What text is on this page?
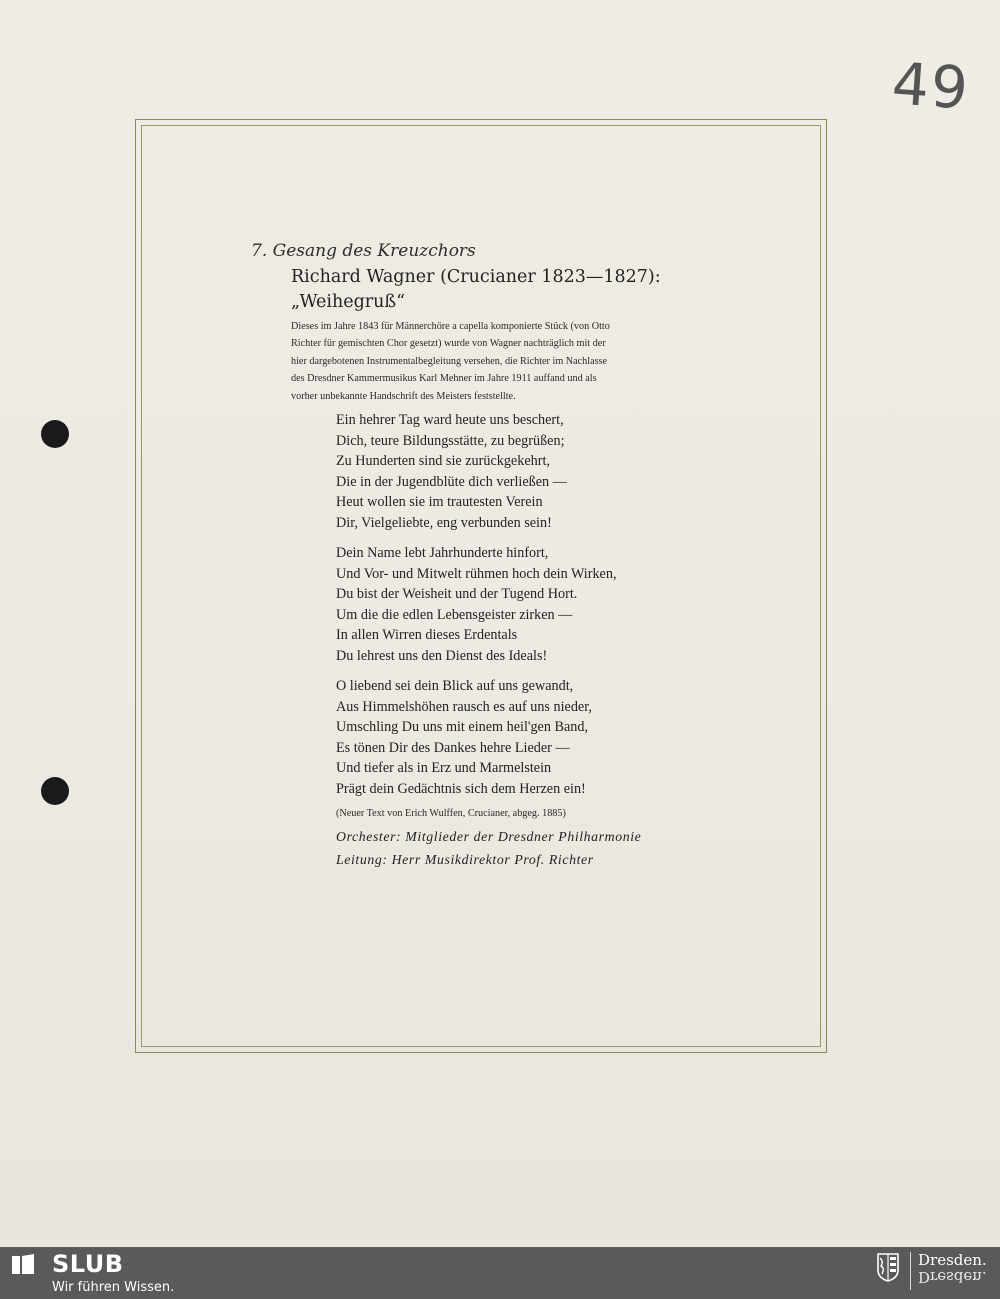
49
7. Gesang des Kreuzchors
Richard Wagner (Crucianer 1823—1827):
„Weihegruß“
Dieses im Jahre 1843 für Männerchöre a capella komponierte Stück (von Otto
Richter für gemischten Chor gesetzt) wurde von Wagner nachträglich mit der
hier dargebotenen Instrumentalbegleitung versehen, die Richter im Nachlasse
des Dresdner Kammermusikus Karl Mehner im Jahre 1911 auffand und als
vorher unbekannte Handschrift des Meisters feststellte.
Ein hehrer Tag ward heute uns beschert,
Dich, teure Bildungsstätte, zu begrüßen;
Zu Hunderten sind sie zurückgekehrt,
Die in der Jugendblüte dich verließen —
Heut wollen sie im trautesten Verein
Dir, Vielgeliebte, eng verbunden sein!
Dein Name lebt Jahrhunderte hinfort,
Und Vor- und Mitwelt rühmen hoch dein Wirken,
Du bist der Weisheit und der Tugend Hort.
Um die die edlen Lebensgeister zirken —
In allen Wirren dieses Erdentals
Du lehrest uns den Dienst des Ideals!
O liebend sei dein Blick auf uns gewandt,
Aus Himmelshöhen rausch es auf uns nieder,
Umschling Du uns mit einem heil'gen Band,
Es tönen Dir des Dankes hehre Lieder —
Und tiefer als in Erz und Marmelstein
Prägt dein Gedächtnis sich dem Herzen ein!
(Neuer Text von Erich Wulffen, Crucianer, abgeg. 1885)
Orchester: Mitglieder der Dresdner Philharmonie
Leitung: Herr Musikdirektor Prof. Richter
SLUB
Wir führen Wissen.
Dresden.
Dresden.
